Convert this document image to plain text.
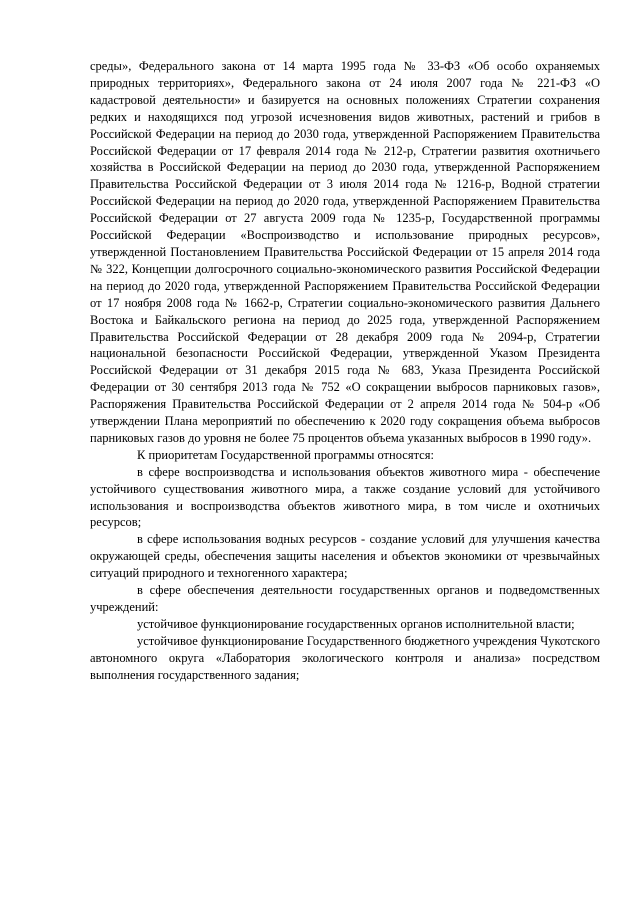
среды», Федерального закона от 14 марта 1995 года № 33-ФЗ «Об особо охраняемых природных территориях», Федерального закона от 24 июля 2007 года № 221-ФЗ «О кадастровой деятельности» и базируется на основных положениях Стратегии сохранения редких и находящихся под угрозой исчезновения видов животных, растений и грибов в Российской Федерации на период до 2030 года, утвержденной Распоряжением Правительства Российской Федерации от 17 февраля 2014 года № 212-р, Стратегии развития охотничьего хозяйства в Российской Федерации на период до 2030 года, утвержденной Распоряжением Правительства Российской Федерации от 3 июля 2014 года № 1216-р, Водной стратегии Российской Федерации на период до 2020 года, утвержденной Распоряжением Правительства Российской Федерации от 27 августа 2009 года № 1235-р, Государственной программы Российской Федерации «Воспроизводство и использование природных ресурсов», утвержденной Постановлением Правительства Российской Федерации от 15 апреля 2014 года № 322, Концепции долгосрочного социально-экономического развития Российской Федерации на период до 2020 года, утвержденной Распоряжением Правительства Российской Федерации от 17 ноября 2008 года № 1662-р, Стратегии социально-экономического развития Дальнего Востока и Байкальского региона на период до 2025 года, утвержденной Распоряжением Правительства Российской Федерации от 28 декабря 2009 года № 2094-р, Стратегии национальной безопасности Российской Федерации, утвержденной Указом Президента Российской Федерации от 31 декабря 2015 года № 683, Указа Президента Российской Федерации от 30 сентября 2013 года № 752 «О сокращении выбросов парниковых газов», Распоряжения Правительства Российской Федерации от 2 апреля 2014 года № 504-р «Об утверждении Плана мероприятий по обеспечению к 2020 году сокращения объема выбросов парниковых газов до уровня не более 75 процентов объема указанных выбросов в 1990 году».

К приоритетам Государственной программы относятся:

в сфере воспроизводства и использования объектов животного мира - обеспечение устойчивого существования животного мира, а также создание условий для устойчивого использования и воспроизводства объектов животного мира, в том числе и охотничьих ресурсов;

в сфере использования водных ресурсов - создание условий для улучшения качества окружающей среды, обеспечения защиты населения и объектов экономики от чрезвычайных ситуаций природного и техногенного характера;

в сфере обеспечения деятельности государственных органов и подведомственных учреждений:

устойчивое функционирование государственных органов исполнительной власти;

устойчивое функционирование Государственного бюджетного учреждения Чукотского автономного округа «Лаборатория экологического контроля и анализа» посредством выполнения государственного задания;
